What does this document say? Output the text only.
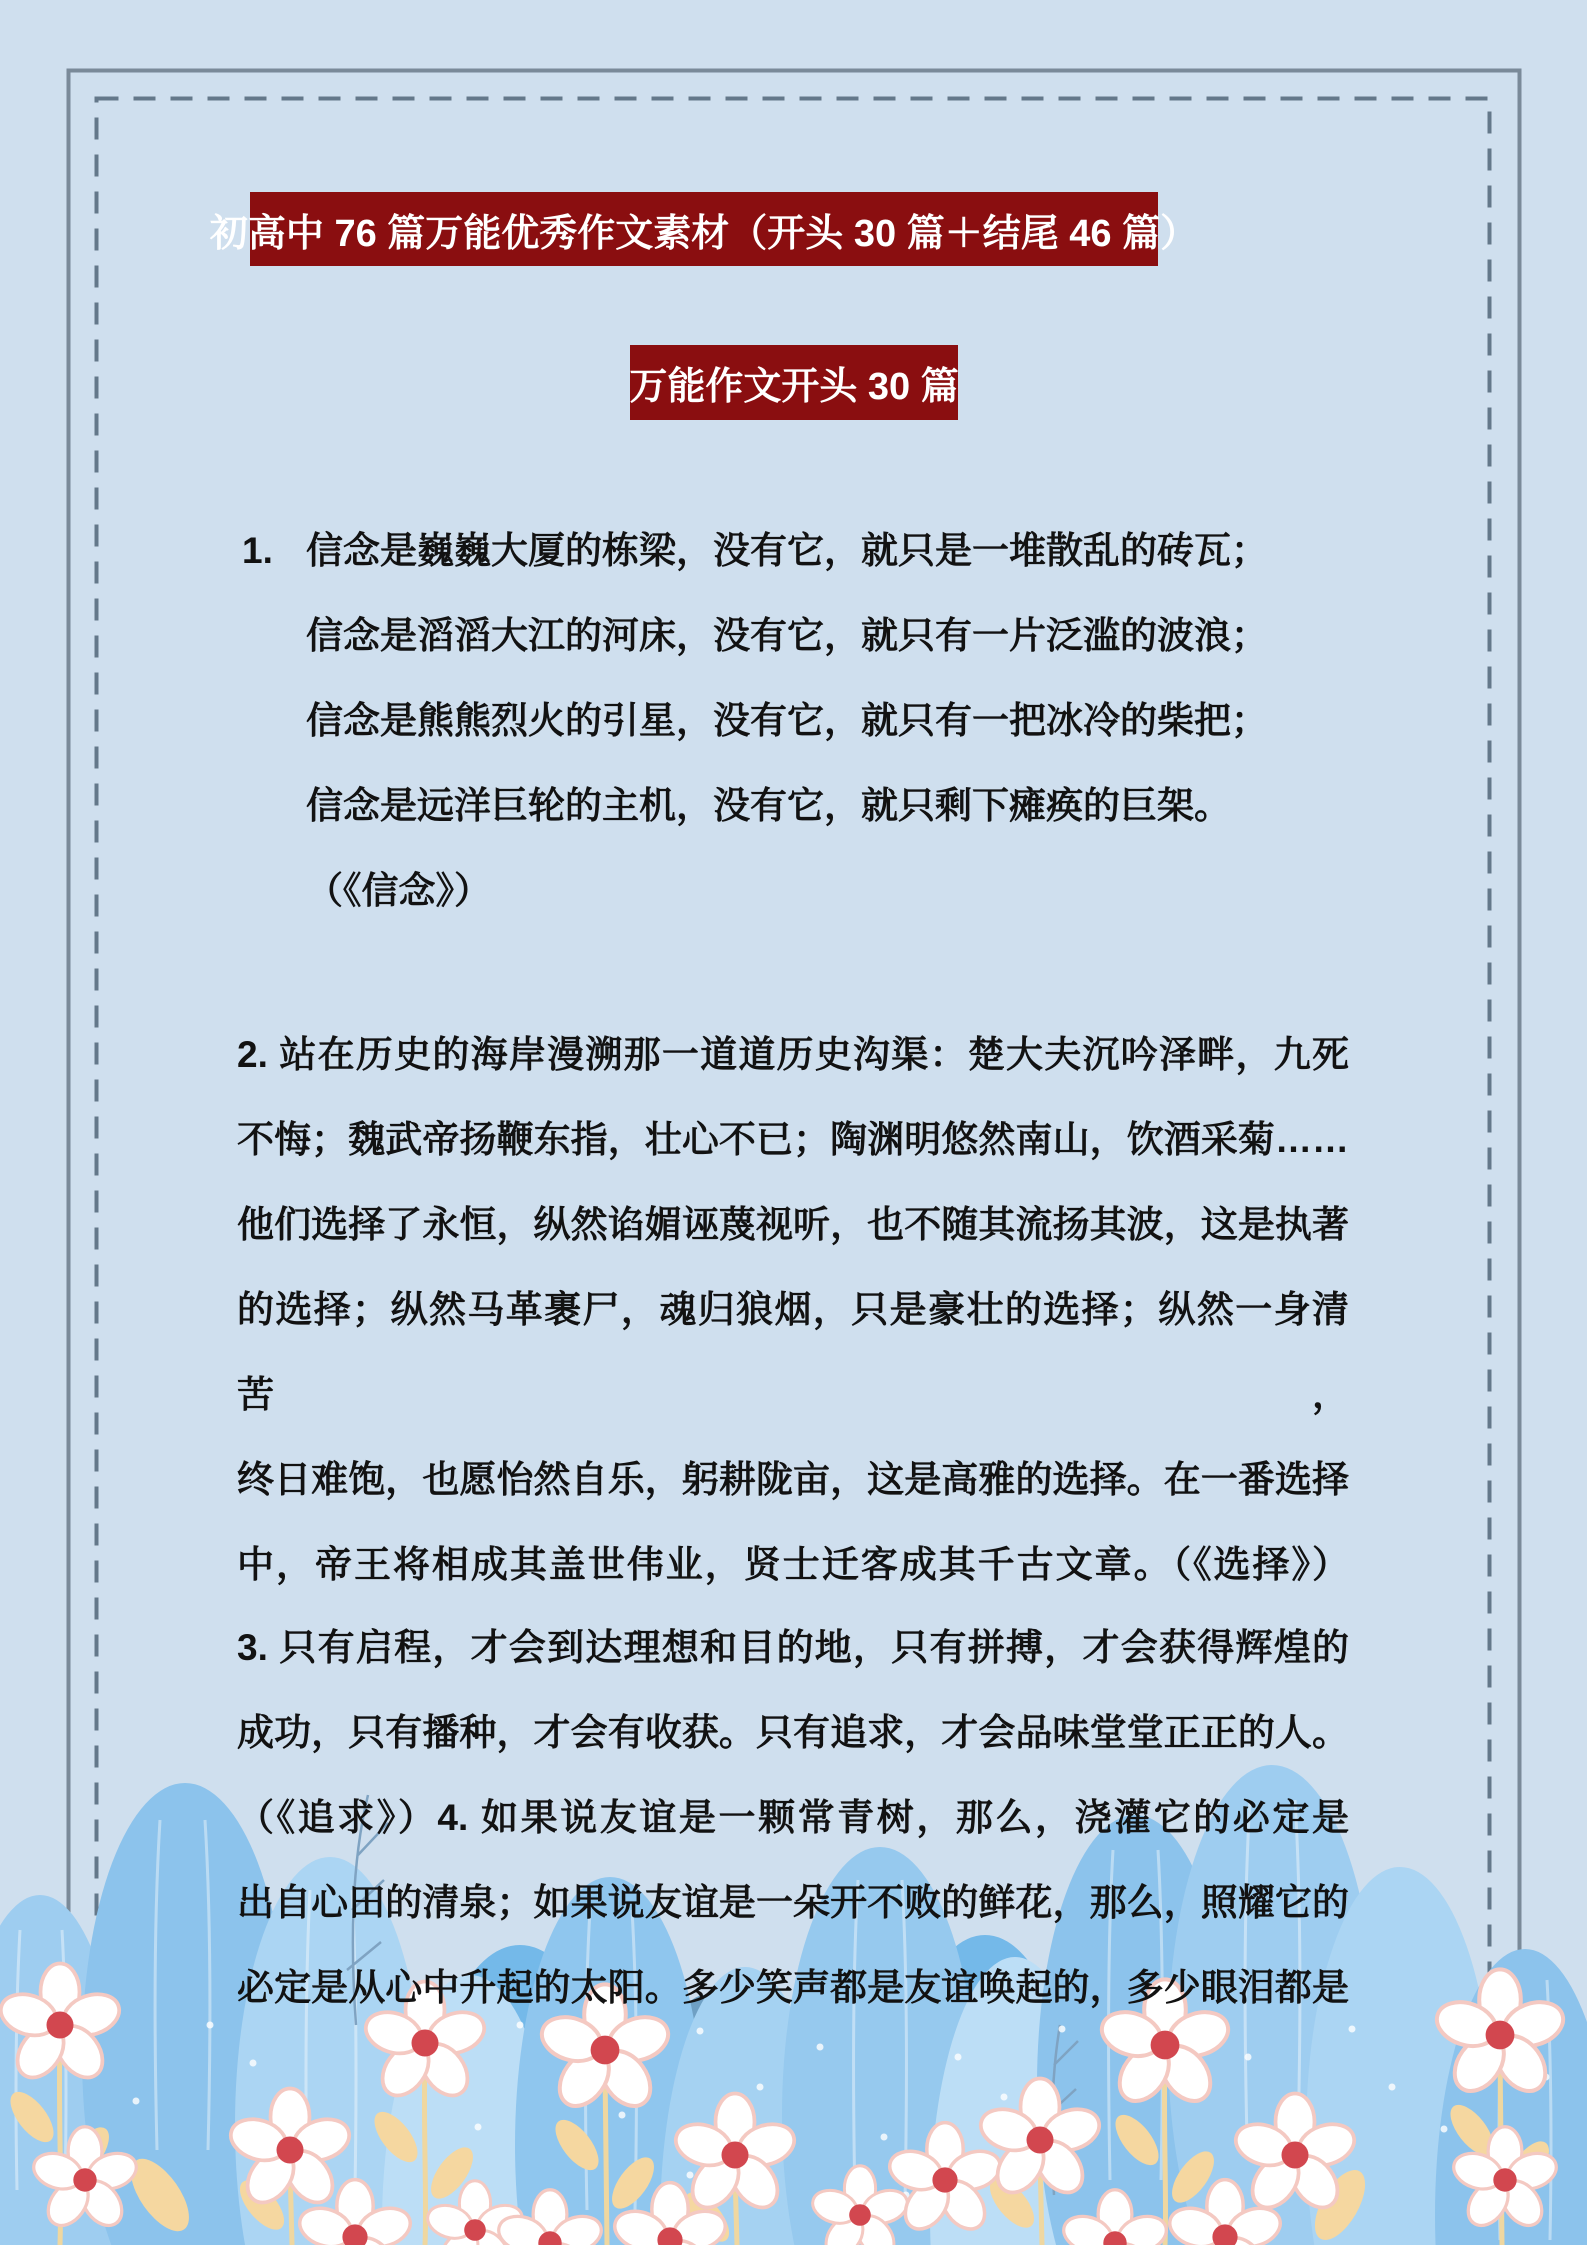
初高中 76 篇万能优秀作文素材（开头 30 篇＋结尾 46 篇）
万能作文开头 30 篇
1. 信念是巍巍大厦的栋梁，没有它，就只是一堆散乱的砖瓦；
信念是滔滔大江的河床，没有它，就只有一片泛滥的波浪；
信念是熊熊烈火的引星，没有它，就只有一把冰冷的柴把；
信念是远洋巨轮的主机，没有它，就只剩下瘫痪的巨架。
（《信念》）
2. 站在历史的海岸漫溯那一道道历史沟渠：楚大夫沉吟泽畔，九死
不悔；魏武帝扬鞭东指，壮心不已；陶渊明悠然南山，饮酒采菊……
他们选择了永恒，纵然谄媚诬蔑视听，也不随其流扬其波，这是执著
的选择；纵然马革裹尸，魂归狼烟，只是豪壮的选择；纵然一身清苦，
终日难饱，也愿怡然自乐，躬耕陇亩，这是高雅的选择。在一番选择
中，帝王将相成其盖世伟业，贤士迁客成其千古文章。（《选择》）
3. 只有启程，才会到达理想和目的地，只有拼搏，才会获得辉煌的
成功，只有播种，才会有收获。只有追求，才会品味堂堂正正的人。
（《追求》）4. 如果说友谊是一颗常青树，那么，浇灌它的必定是
出自心田的清泉；如果说友谊是一朵开不败的鲜花，那么，照耀它的
必定是从心中升起的太阳。多少笑声都是友谊唤起的，多少眼泪都是
